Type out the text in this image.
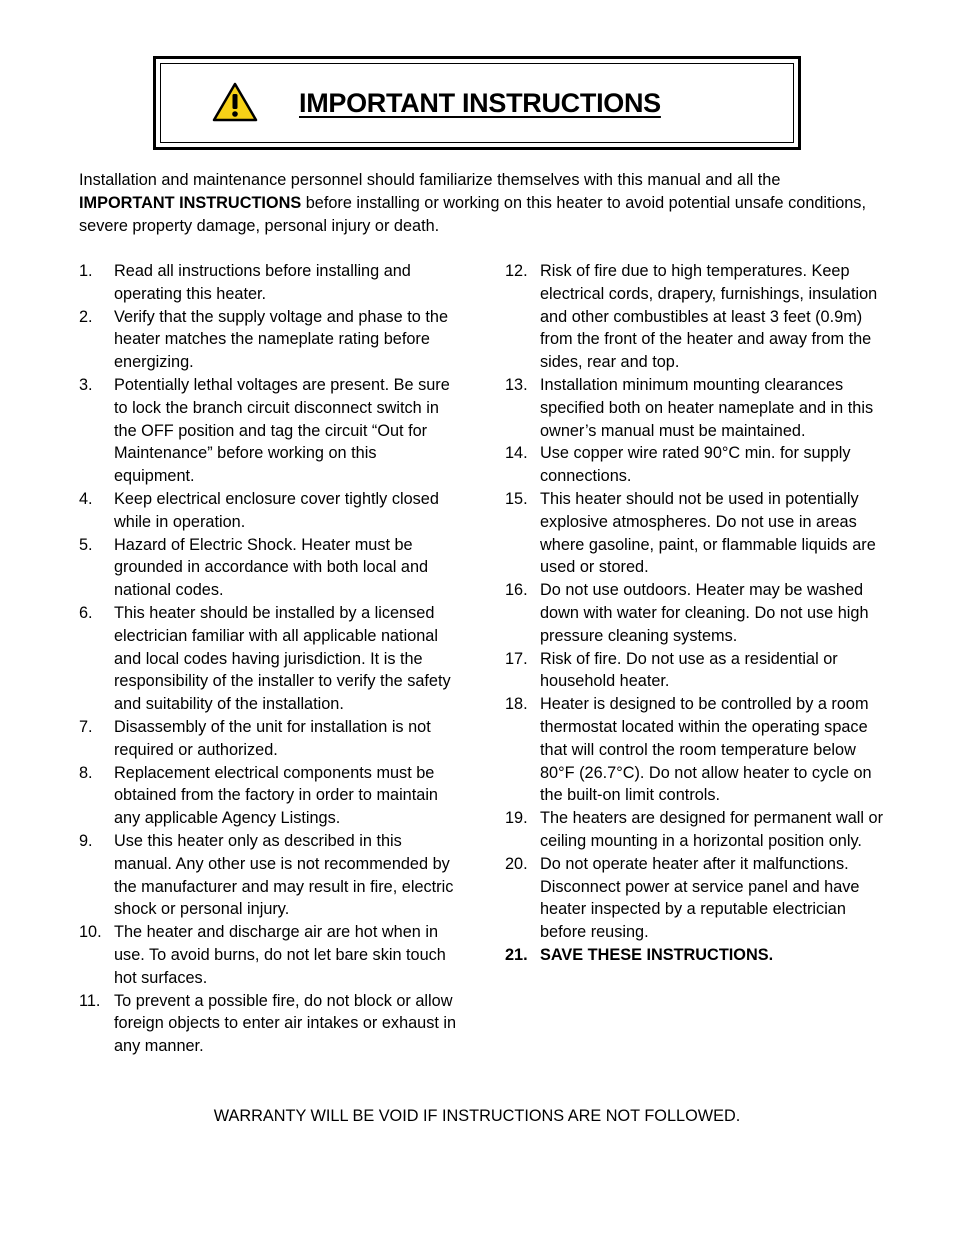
IMPORTANT INSTRUCTIONS

Installation and maintenance personnel should familiarize themselves with this manual and all the IMPORTANT INSTRUCTIONS before installing or working on this heater to avoid potential unsafe conditions, severe property damage, personal injury or death.

1. Read all instructions before installing and operating this heater.
2. Verify that the supply voltage and phase to the heater matches the nameplate rating before energizing.
3. Potentially lethal voltages are present. Be sure to lock the branch circuit disconnect switch in the OFF position and tag the circuit “Out for Maintenance” before working on this equipment.
4. Keep electrical enclosure cover tightly closed while in operation.
5. Hazard of Electric Shock. Heater must be grounded in accordance with both local and national codes.
6. This heater should be installed by a licensed electrician familiar with all applicable national and local codes having jurisdiction. It is the responsibility of the installer to verify the safety and suitability of the installation.
7. Disassembly of the unit for installation is not required or authorized.
8. Replacement electrical components must be obtained from the factory in order to maintain any applicable Agency Listings.
9. Use this heater only as described in this manual. Any other use is not recommended by the manufacturer and may result in fire, electric shock or personal injury.
10. The heater and discharge air are hot when in use. To avoid burns, do not let bare skin touch hot surfaces.
11. To prevent a possible fire, do not block or allow foreign objects to enter air intakes or exhaust in any manner.
12. Risk of fire due to high temperatures. Keep electrical cords, drapery, furnishings, insulation and other combustibles at least 3 feet (0.9m) from the front of the heater and away from the sides, rear and top.
13. Installation minimum mounting clearances specified both on heater nameplate and in this owner’s manual must be maintained.
14. Use copper wire rated 90°C min. for supply connections.
15. This heater should not be used in potentially explosive atmospheres. Do not use in areas where gasoline, paint, or flammable liquids are used or stored.
16. Do not use outdoors. Heater may be washed down with water for cleaning. Do not use high pressure cleaning systems.
17. Risk of fire. Do not use as a residential or household heater.
18. Heater is designed to be controlled by a room thermostat located within the operating space that will control the room temperature below 80°F (26.7°C). Do not allow heater to cycle on the built-on limit controls.
19. The heaters are designed for permanent wall or ceiling mounting in a horizontal position only.
20. Do not operate heater after it malfunctions. Disconnect power at service panel and have heater inspected by a reputable electrician before reusing.
21. SAVE THESE INSTRUCTIONS.
WARRANTY WILL BE VOID IF INSTRUCTIONS ARE NOT FOLLOWED.
